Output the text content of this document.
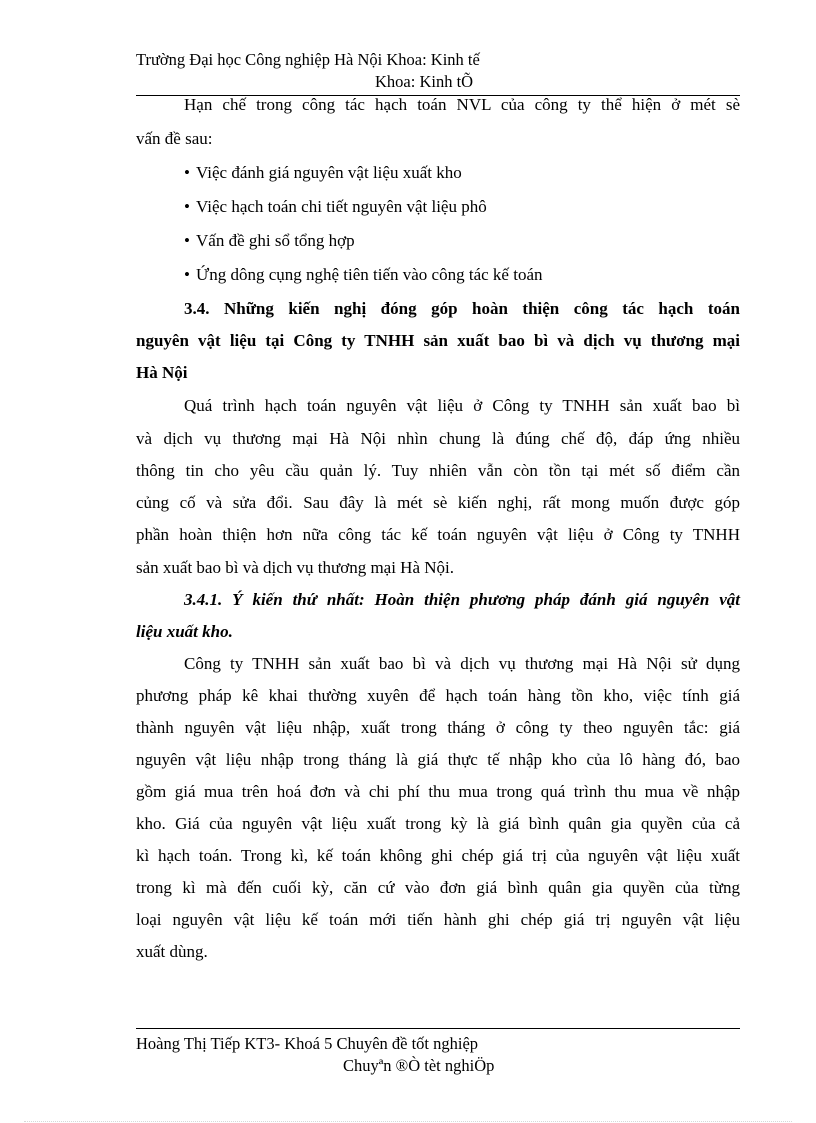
Trường Đại học Công nghiệp Hà Nội Khoa: Kinh tế
Khoa: Kinh tÕ
Hạn chế trong công tác hạch toán NVL của công ty thể hiện ở mét sè
vấn đề sau:
• Việc đánh giá nguyên vật liệu xuất kho
• Việc hạch toán chi tiết nguyên vật liệu phô
• Vấn đề ghi sổ tổng hợp
• Ứng dông cụng nghệ tiên tiến vào công tác kế toán
3.4. Những kiến nghị đóng góp hoàn thiện công tác hạch toán
nguyên vật liệu tại Công ty TNHH sản xuất bao bì và dịch vụ thương mại
Hà Nội
Quá trình hạch toán nguyên vật liệu ở Công ty TNHH sản xuất bao bì
và dịch vụ thương mại Hà Nội nhìn chung là đúng chế độ, đáp ứng nhiều
thông tin cho yêu cầu quản lý. Tuy nhiên vẫn còn tồn tại mét số điểm cần
củng cố và sửa đổi. Sau đây là mét sè kiến nghị, rất mong muốn được góp
phần hoàn thiện hơn nữa công tác kế toán nguyên vật liệu ở Công ty TNHH
sản xuất bao bì và dịch vụ thương mại Hà Nội.
3.4.1. Ý kiến thứ nhất: Hoàn thiện phương pháp đánh giá nguyên vật
liệu xuất kho.
Công ty TNHH sản xuất bao bì và dịch vụ thương mại Hà Nội sử dụng
phương pháp kê khai thường xuyên để hạch toán hàng tồn kho, việc tính giá
thành nguyên vật liệu nhập, xuất trong tháng ở công ty theo nguyên tắc: giá
nguyên vật liệu nhập trong tháng là giá thực tế nhập kho của lô hàng đó, bao
gồm giá mua trên hoá đơn và chi phí thu mua trong quá trình thu mua về nhập
kho. Giá của nguyên vật liệu xuất trong kỳ là giá bình quân gia quyền của cả
kì hạch toán. Trong kì, kế toán không ghi chép giá trị của nguyên vật liệu xuất
trong kì mà đến cuối kỳ, căn cứ vào đơn giá bình quân gia quyền của từng
loại nguyên vật liệu kế toán mới tiến hành ghi chép giá trị nguyên vật liệu
xuất dùng.
Hoàng Thị Tiếp KT3- Khoá 5 Chuyên đề tốt nghiệp
Chuyªn ®Ò tèt nghiÖp
